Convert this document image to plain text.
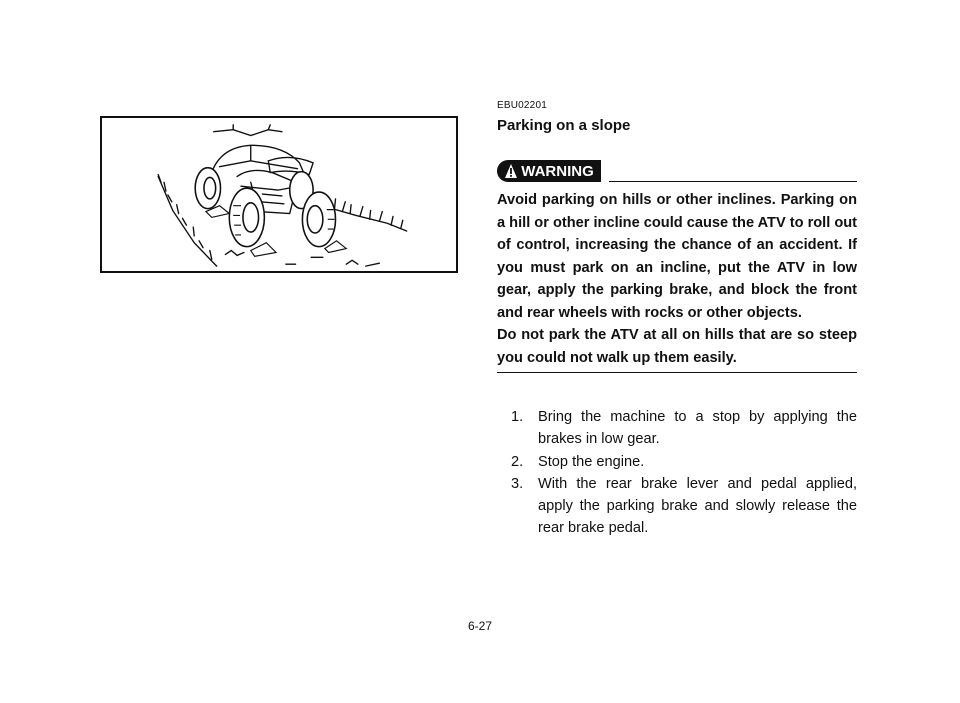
EBU02201
Parking on a slope
WARNING

Avoid parking on hills or other inclines. Parking on a hill or other incline could cause the ATV to roll out of control, increasing the chance of an accident. If you must park on an incline, put the ATV in low gear, apply the parking brake, and block the front and rear wheels with rocks or other objects.

Do not park the ATV at all on hills that are so steep you could not walk up them easily.

1. Bring the machine to a stop by applying the brakes in low gear.
2. Stop the engine.
3. With the rear brake lever and pedal applied, apply the parking brake and slowly release the rear brake pedal.
6-27
